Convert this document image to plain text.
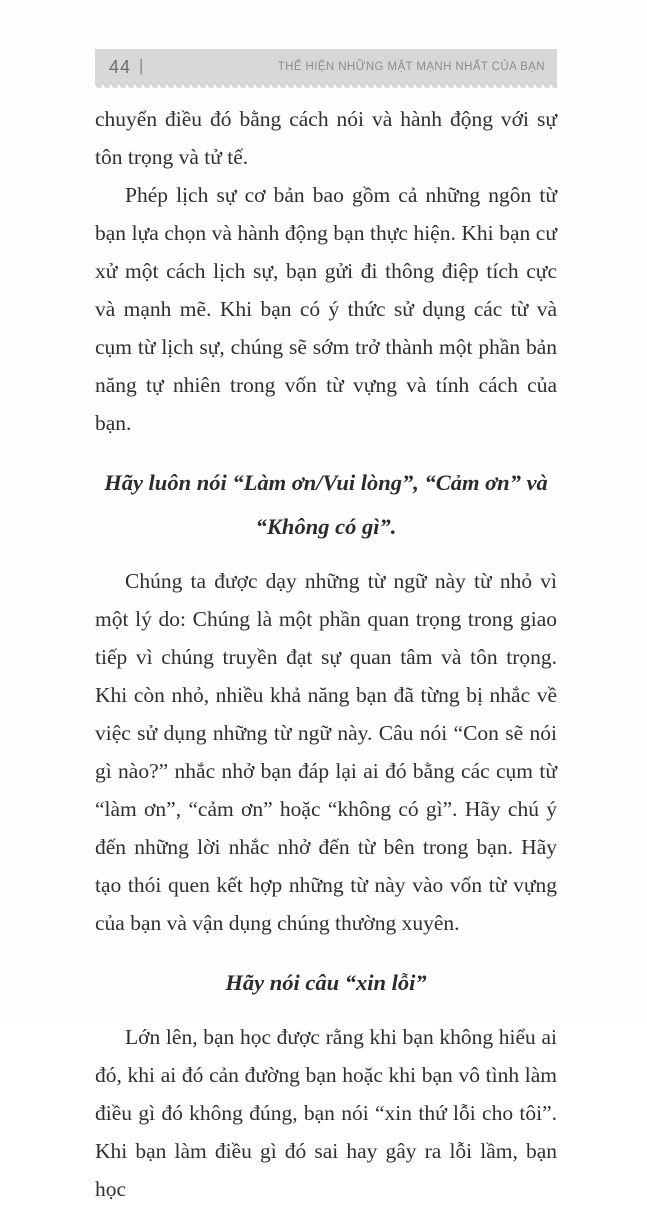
44 |	THỂ HIỆN NHỮNG MẶT MẠNH NHẤT CỦA BẠN

chuyển điều đó bằng cách nói và hành động với sự tôn trọng và tử tế.

Phép lịch sự cơ bản bao gồm cả những ngôn từ bạn lựa chọn và hành động bạn thực hiện. Khi bạn cư xử một cách lịch sự, bạn gửi đi thông điệp tích cực và mạnh mẽ. Khi bạn có ý thức sử dụng các từ và cụm từ lịch sự, chúng sẽ sớm trở thành một phần bản năng tự nhiên trong vốn từ vựng và tính cách của bạn.

Hãy luôn nói “Làm ơn/Vui lòng”, “Cảm ơn” và “Không có gì”.

Chúng ta được dạy những từ ngữ này từ nhỏ vì một lý do: Chúng là một phần quan trọng trong giao tiếp vì chúng truyền đạt sự quan tâm và tôn trọng. Khi còn nhỏ, nhiều khả năng bạn đã từng bị nhắc về việc sử dụng những từ ngữ này. Câu nói “Con sẽ nói gì nào?” nhắc nhở bạn đáp lại ai đó bằng các cụm từ “làm ơn”, “cảm ơn” hoặc “không có gì”. Hãy chú ý đến những lời nhắc nhở đến từ bên trong bạn. Hãy tạo thói quen kết hợp những từ này vào vốn từ vựng của bạn và vận dụng chúng thường xuyên.

Hãy nói câu “xin lỗi”

Lớn lên, bạn học được rằng khi bạn không hiểu ai đó, khi ai đó cản đường bạn hoặc khi bạn vô tình làm điều gì đó không đúng, bạn nói “xin thứ lỗi cho tôi”. Khi bạn làm điều gì đó sai hay gây ra lỗi lầm, bạn học
